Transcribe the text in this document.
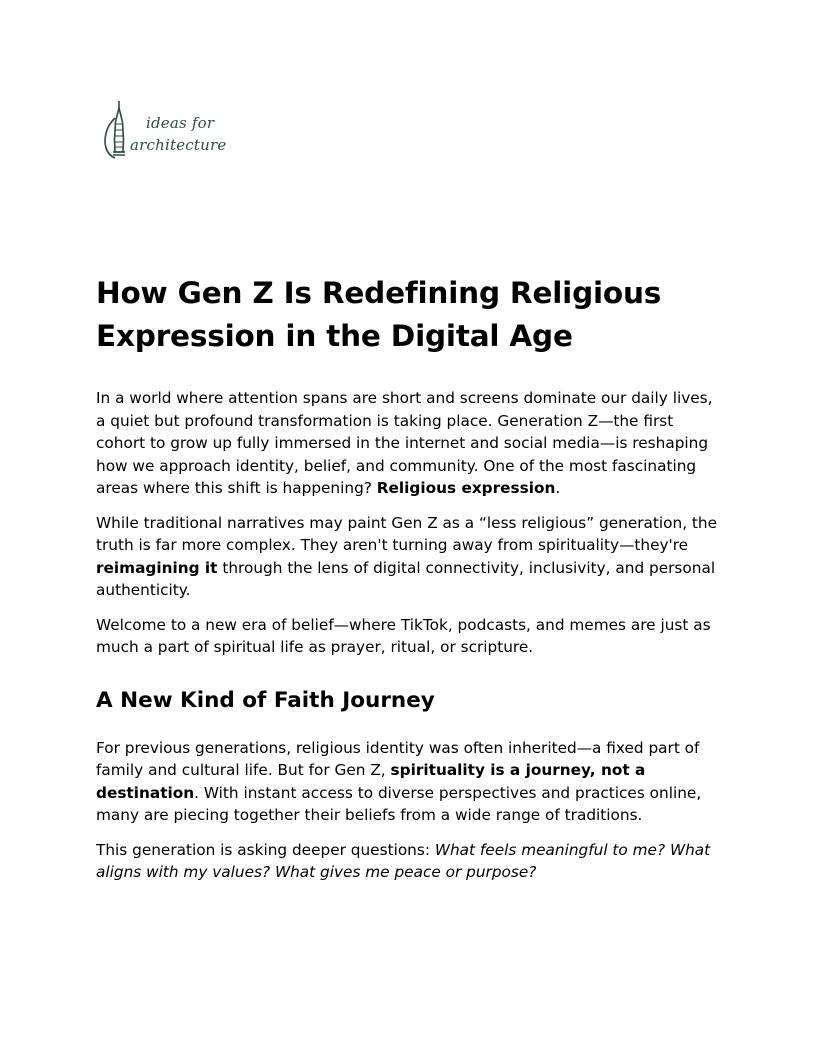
ideas for
architecture
How Gen Z Is Redefining Religious Expression in the Digital Age

In a world where attention spans are short and screens dominate our daily lives, a quiet but profound transformation is taking place. Generation Z—the first cohort to grow up fully immersed in the internet and social media—is reshaping how we approach identity, belief, and community. One of the most fascinating areas where this shift is happening? Religious expression.

While traditional narratives may paint Gen Z as a “less religious” generation, the truth is far more complex. They aren't turning away from spirituality—they're reimagining it through the lens of digital connectivity, inclusivity, and personal authenticity.

Welcome to a new era of belief—where TikTok, podcasts, and memes are just as much a part of spiritual life as prayer, ritual, or scripture.

A New Kind of Faith Journey

For previous generations, religious identity was often inherited—a fixed part of family and cultural life. But for Gen Z, spirituality is a journey, not a destination. With instant access to diverse perspectives and practices online, many are piecing together their beliefs from a wide range of traditions.

This generation is asking deeper questions: What feels meaningful to me? What aligns with my values? What gives me peace or purpose?
